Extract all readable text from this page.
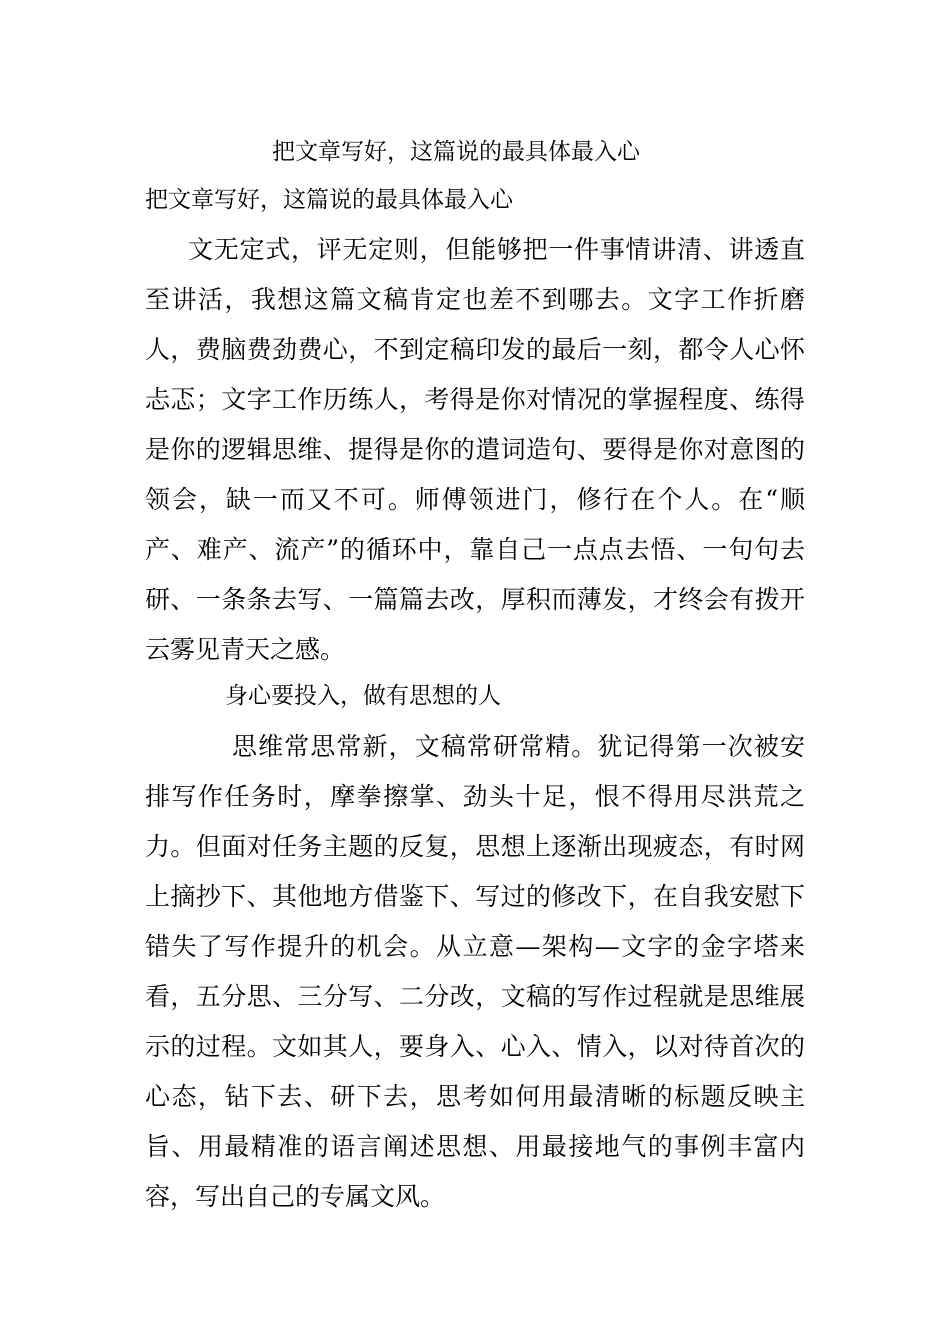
把文章写好，这篇说的最具体最入心
把文章写好，这篇说的最具体最入心

文无定式，评无定则，但能够把一件事情讲清、讲透直至讲活，我想这篇文稿肯定也差不到哪去。文字工作折磨人，费脑费劲费心，不到定稿印发的最后一刻，都令人心怀忐忑；文字工作历练人，考得是你对情况的掌握程度、练得是你的逻辑思维、提得是你的遣词造句、要得是你对意图的领会，缺一而又不可。师傅领进门，修行在个人。在“顺产、难产、流产”的循环中，靠自己一点点去悟、一句句去研、一条条去写、一篇篇去改，厚积而薄发，才终会有拨开云雾见青天之感。

身心要投入，做有思想的人

思维常思常新，文稿常研常精。犹记得第一次被安排写作任务时，摩拳擦掌、劲头十足，恨不得用尽洪荒之力。但面对任务主题的反复，思想上逐渐出现疲态，有时网上摘抄下、其他地方借鉴下、写过的修改下，在自我安慰下错失了写作提升的机会。从立意—架构—文字的金字塔来看，五分思、三分写、二分改，文稿的写作过程就是思维展示的过程。文如其人，要身入、心入、情入，以对待首次的心态，钻下去、研下去，思考如何用最清晰的标题反映主旨、用最精准的语言阐述思想、用最接地气的事例丰富内容，写出自己的专属文风。
